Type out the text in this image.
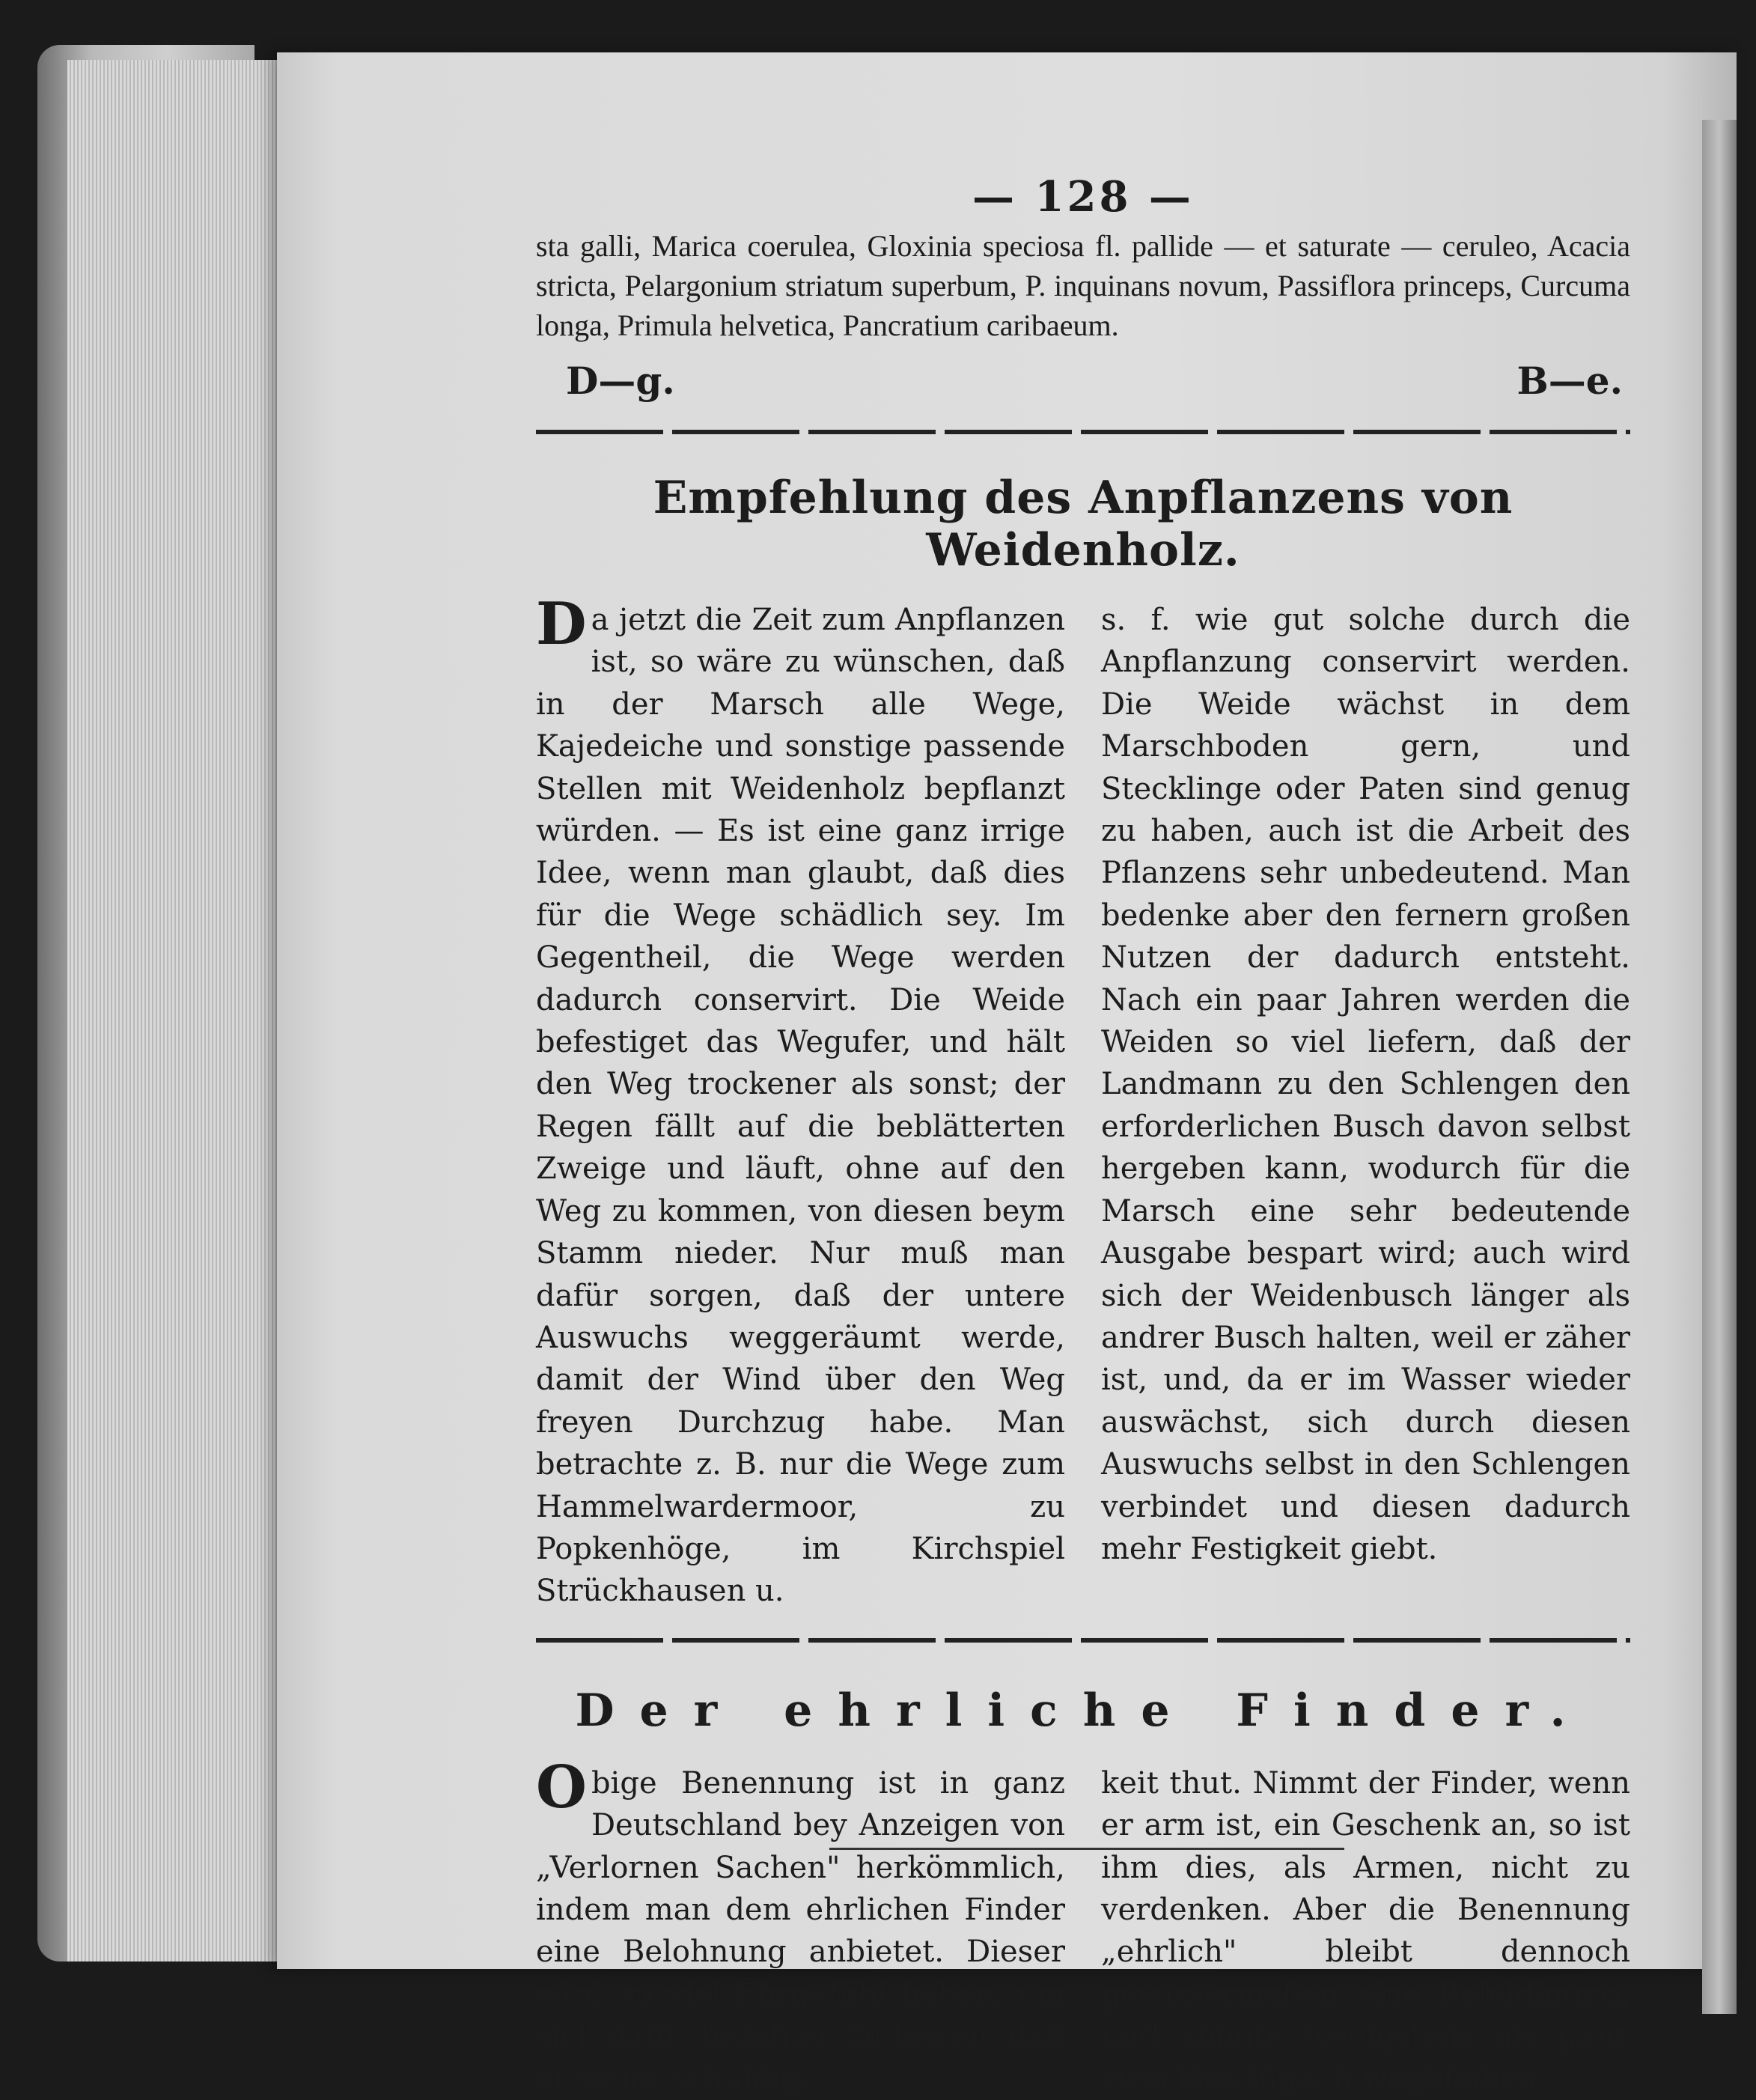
— 128 —

sta galli, Marica coerulea, Gloxinia speciosa fl. pallide — et saturate — ceruleo, Acacia stricta, Pelargonium striatum superbum, P. inquinans novum, Passiflora princeps, Curcuma longa, Primula helvetica, Pancratium caribaeum.

D—g.	B—e.
Empfehlung des Anpflanzens von Weidenholz.
Da jetzt die Zeit zum Anpflanzen ist, so wäre zu wünschen, daß in der Marsch alle Wege, Kajedeiche und sonstige passende Stellen mit Weidenholz bepflanzt würden. — Es ist eine ganz irrige Idee, wenn man glaubt, daß dies für die Wege schädlich sey. Im Gegentheil, die Wege werden dadurch conservirt. Die Weide befestiget das Wegufer, und hält den Weg trockener als sonst; der Regen fällt auf die beblätterten Zweige und läuft, ohne auf den Weg zu kommen, von diesen beym Stamm nieder. Nur muß man dafür sorgen, daß der untere Auswuchs weggeräumt werde, damit der Wind über den Weg freyen Durchzug habe. Man betrachte z. B. nur die Wege zum Hammelwardermoor, zu Popkenhöge, im Kirchspiel Strückhausen u.
s. f. wie gut solche durch die Anpflanzung conservirt werden. Die Weide wächst in dem Marschboden gern, und Stecklinge oder Paten sind genug zu haben, auch ist die Arbeit des Pflanzens sehr unbedeutend. Man bedenke aber den fernern großen Nutzen der dadurch entsteht. Nach ein paar Jahren werden die Weiden so viel liefern, daß der Landmann zu den Schlengen den erforderlichen Busch davon selbst hergeben kann, wodurch für die Marsch eine sehr bedeutende Ausgabe bespart wird; auch wird sich der Weidenbusch länger als andrer Busch halten, weil er zäher ist, und, da er im Wasser wieder auswächst, sich durch diesen Auswuchs selbst in den Schlengen verbindet und diesen dadurch mehr Festigkeit giebt.
Der ehrliche Finder.
Obige Benennung ist in ganz Deutschland bey Anzeigen von „Verlornen Sachen" herkömmlich, indem man dem ehrlichen Finder eine Belohnung anbietet. Dieser wird zu viel Ehrgefühl haben, um sich dafür bezahlen zu lassen, daß er seine Schuldig-
keit thut. Nimmt der Finder, wenn er arm ist, ein Geschenk an, so ist ihm dies, als Armen, nicht zu verdenken. Aber die Benennung „ehrlich" bleibt dennoch gewissermaßen eine Beleidigung, und könnte wenigstens als ganz zwecklos füglich wegbleiben.
